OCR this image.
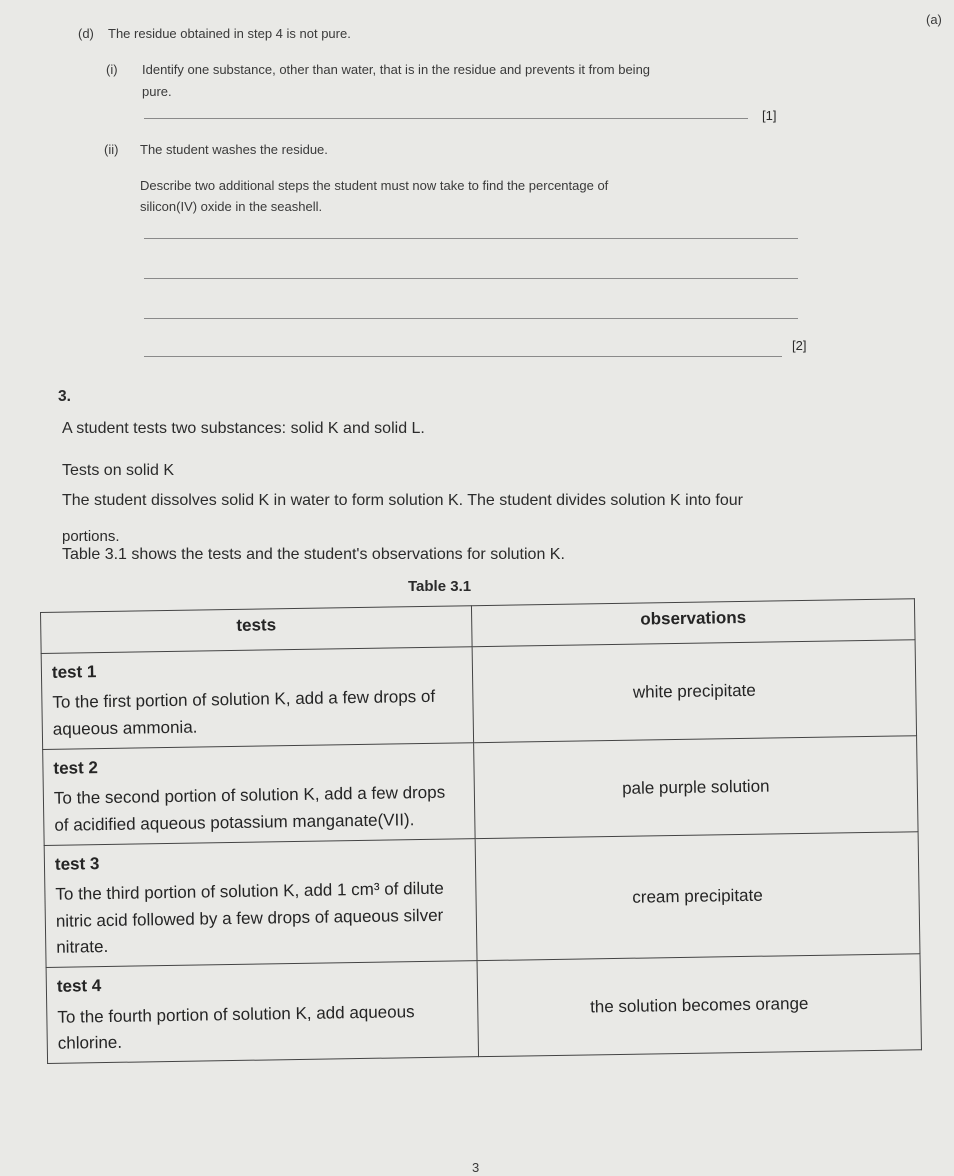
(d) The residue obtained in step 4 is not pure.
(a)
(i) Identify one substance, other than water, that is in the residue and prevents it from being
pure.
[1]
(ii) The student washes the residue.
Describe two additional steps the student must now take to find the percentage of
silicon(IV) oxide in the seashell.
[2]
3.
A student tests two substances: solid K and solid L.
Tests on solid K
The student dissolves solid K in water to form solution K. The student divides solution K into four
portions.
Table 3.1 shows the tests and the student's observations for solution K.
Table 3.1
tests	observations

test 1
To the first portion of solution K, add a few drops of aqueous ammonia.	white precipitate

test 2
To the second portion of solution K, add a few drops of acidified aqueous potassium manganate(VII).	pale purple solution

test 3
To the third portion of solution K, add 1 cm³ of dilute nitric acid followed by a few drops of aqueous silver nitrate.	cream precipitate

test 4
To the fourth portion of solution K, add aqueous chlorine.	the solution becomes orange
3
